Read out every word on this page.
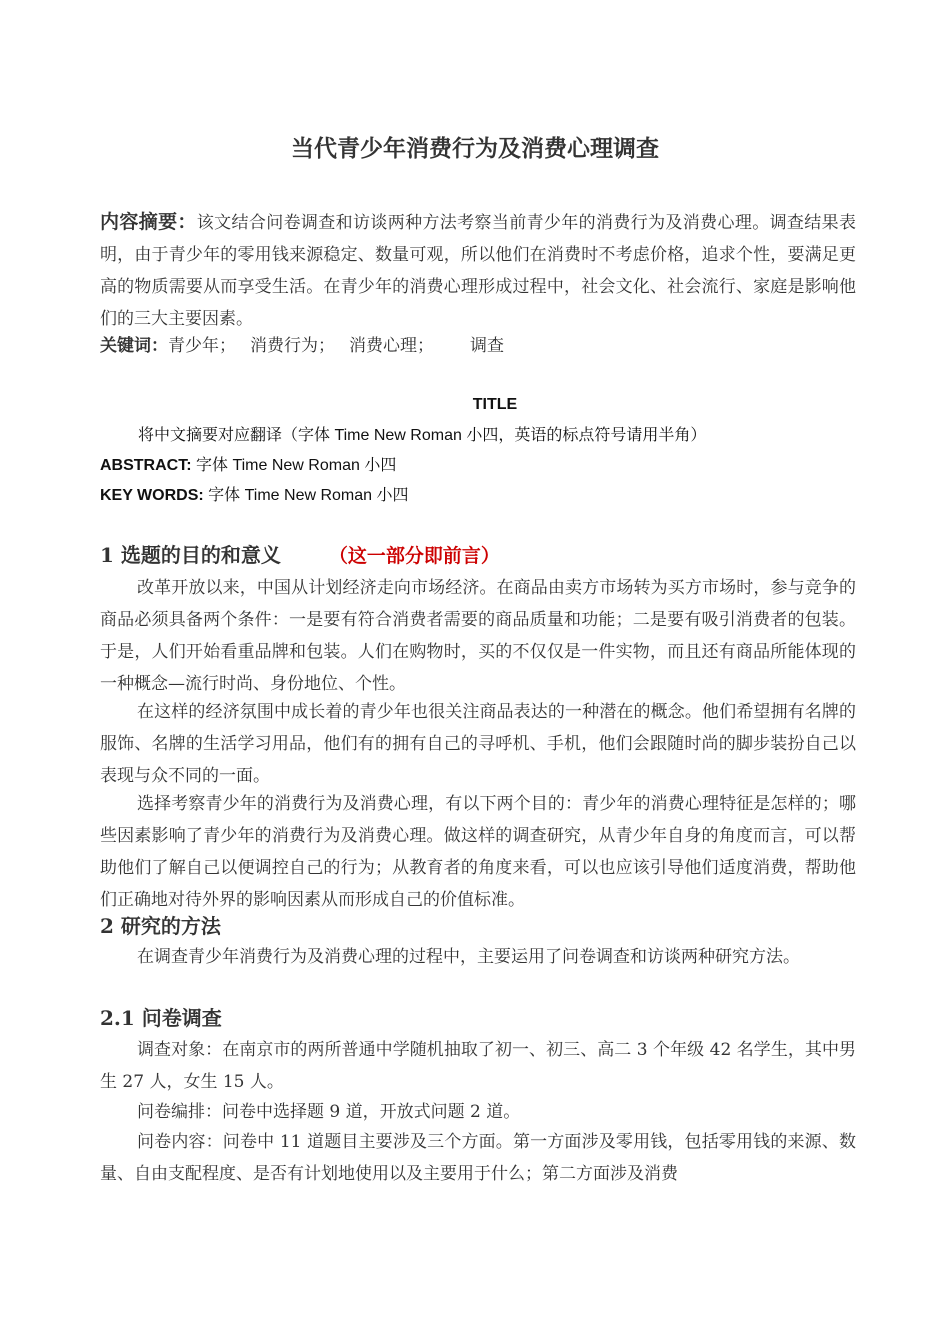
当代青少年消费行为及消费心理调查
内容摘要：该文结合问卷调查和访谈两种方法考察当前青少年的消费行为及消费心理。调查结果表明，由于青少年的零用钱来源稳定、数量可观，所以他们在消费时不考虑价格，追求个性，要满足更高的物质需要从而享受生活。在青少年的消费心理形成过程中，社会文化、社会流行、家庭是影响他们的三大主要因素。
关键词：青少年； 消费行为； 消费心理； 调查
TITLE
将中文摘要对应翻译（字体 Time New Roman 小四，英语的标点符号请用半角）
ABSTRACT: 字体 Time New Roman 小四
KEY WORDS: 字体 Time New Roman 小四
1 选题的目的和意义	（这一部分即前言）
改革开放以来，中国从计划经济走向市场经济。在商品由卖方市场转为买方市场时，参与竞争的商品必须具备两个条件：一是要有符合消费者需要的商品质量和功能；二是要有吸引消费者的包装。于是，人们开始看重品牌和包装。人们在购物时，买的不仅仅是一件实物，而且还有商品所能体现的一种概念—流行时尚、身份地位、个性。
在这样的经济氛围中成长着的青少年也很关注商品表达的一种潜在的概念。他们希望拥有名牌的服饰、名牌的生活学习用品，他们有的拥有自己的寻呼机、手机，他们会跟随时尚的脚步装扮自己以表现与众不同的一面。
选择考察青少年的消费行为及消费心理，有以下两个目的：青少年的消费心理特征是怎样的；哪些因素影响了青少年的消费行为及消费心理。做这样的调查研究，从青少年自身的角度而言，可以帮助他们了解自己以便调控自己的行为；从教育者的角度来看，可以也应该引导他们适度消费，帮助他们正确地对待外界的影响因素从而形成自己的价值标准。
2 研究的方法
在调查青少年消费行为及消费心理的过程中，主要运用了问卷调查和访谈两种研究方法。
2.1 问卷调查
调查对象：在南京市的两所普通中学随机抽取了初一、初三、高二 3 个年级 42 名学生，其中男生 27 人，女生 15 人。
问卷编排：问卷中选择题 9 道，开放式问题 2 道。
问卷内容：问卷中 11 道题目主要涉及三个方面。第一方面涉及零用钱，包括零用钱的来源、数量、自由支配程度、是否有计划地使用以及主要用于什么；第二方面涉及消费
